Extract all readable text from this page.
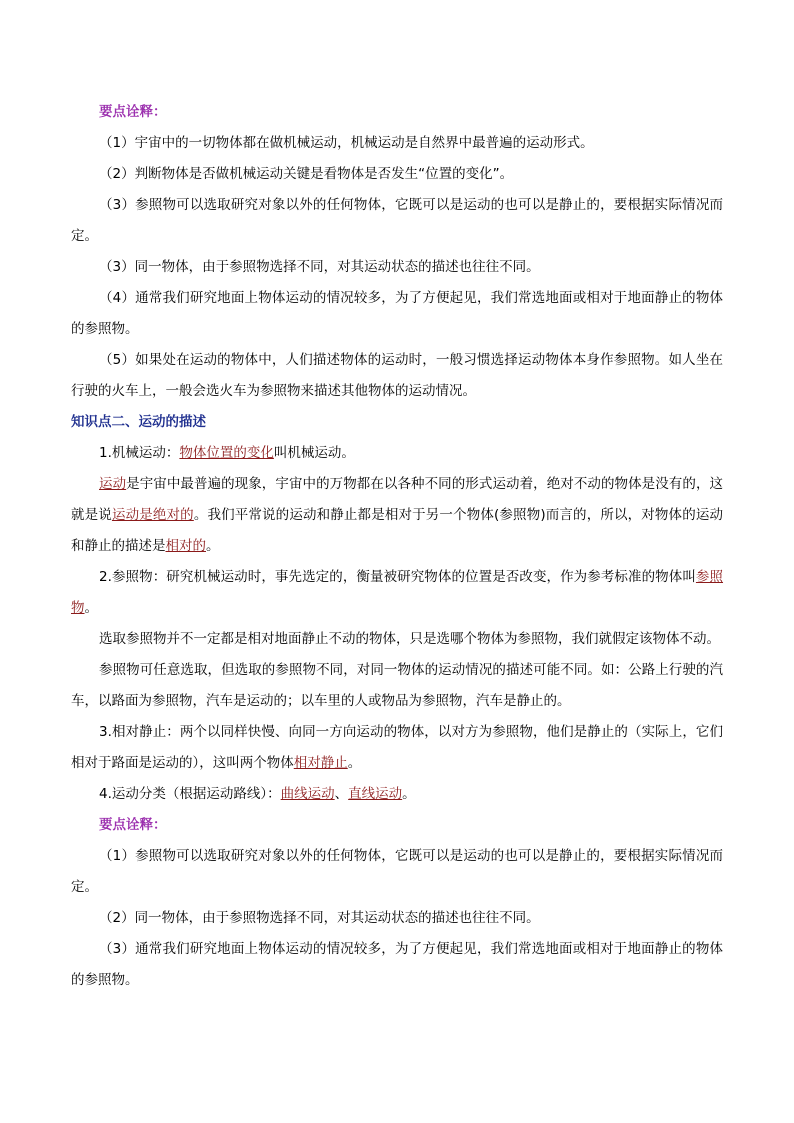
要点诠释：

（1）宇宙中的一切物体都在做机械运动，机械运动是自然界中最普遍的运动形式。

（2）判断物体是否做机械运动关键是看物体是否发生“位置的变化”。

（3）参照物可以选取研究对象以外的任何物体，它既可以是运动的也可以是静止的，要根据实际情况而定。

（3）同一物体，由于参照物选择不同，对其运动状态的描述也往往不同。

（4）通常我们研究地面上物体运动的情况较多，为了方便起见，我们常选地面或相对于地面静止的物体的参照物。

（5）如果处在运动的物体中，人们描述物体的运动时，一般习惯选择运动物体本身作参照物。如人坐在行驶的火车上，一般会选火车为参照物来描述其他物体的运动情况。

知识点二、运动的描述

1.机械运动：物体位置的变化叫机械运动。

运动是宇宙中最普遍的现象，宇宙中的万物都在以各种不同的形式运动着，绝对不动的物体是没有的，这就是说运动是绝对的。我们平常说的运动和静止都是相对于另一个物体(参照物)而言的，所以，对物体的运动和静止的描述是相对的。

2.参照物：研究机械运动时，事先选定的，衡量被研究物体的位置是否改变，作为参考标准的物体叫参照物。

选取参照物并不一定都是相对地面静止不动的物体，只是选哪个物体为参照物，我们就假定该物体不动。

参照物可任意选取，但选取的参照物不同，对同一物体的运动情况的描述可能不同。如：公路上行驶的汽车，以路面为参照物，汽车是运动的；以车里的人或物品为参照物，汽车是静止的。

3.相对静止：两个以同样快慢、向同一方向运动的物体，以对方为参照物，他们是静止的（实际上，它们相对于路面是运动的），这叫两个物体相对静止。

4.运动分类（根据运动路线）：曲线运动、直线运动。

要点诠释：

（1）参照物可以选取研究对象以外的任何物体，它既可以是运动的也可以是静止的，要根据实际情况而定。

（2）同一物体，由于参照物选择不同，对其运动状态的描述也往往不同。

（3）通常我们研究地面上物体运动的情况较多，为了方便起见，我们常选地面或相对于地面静止的物体的参照物。
